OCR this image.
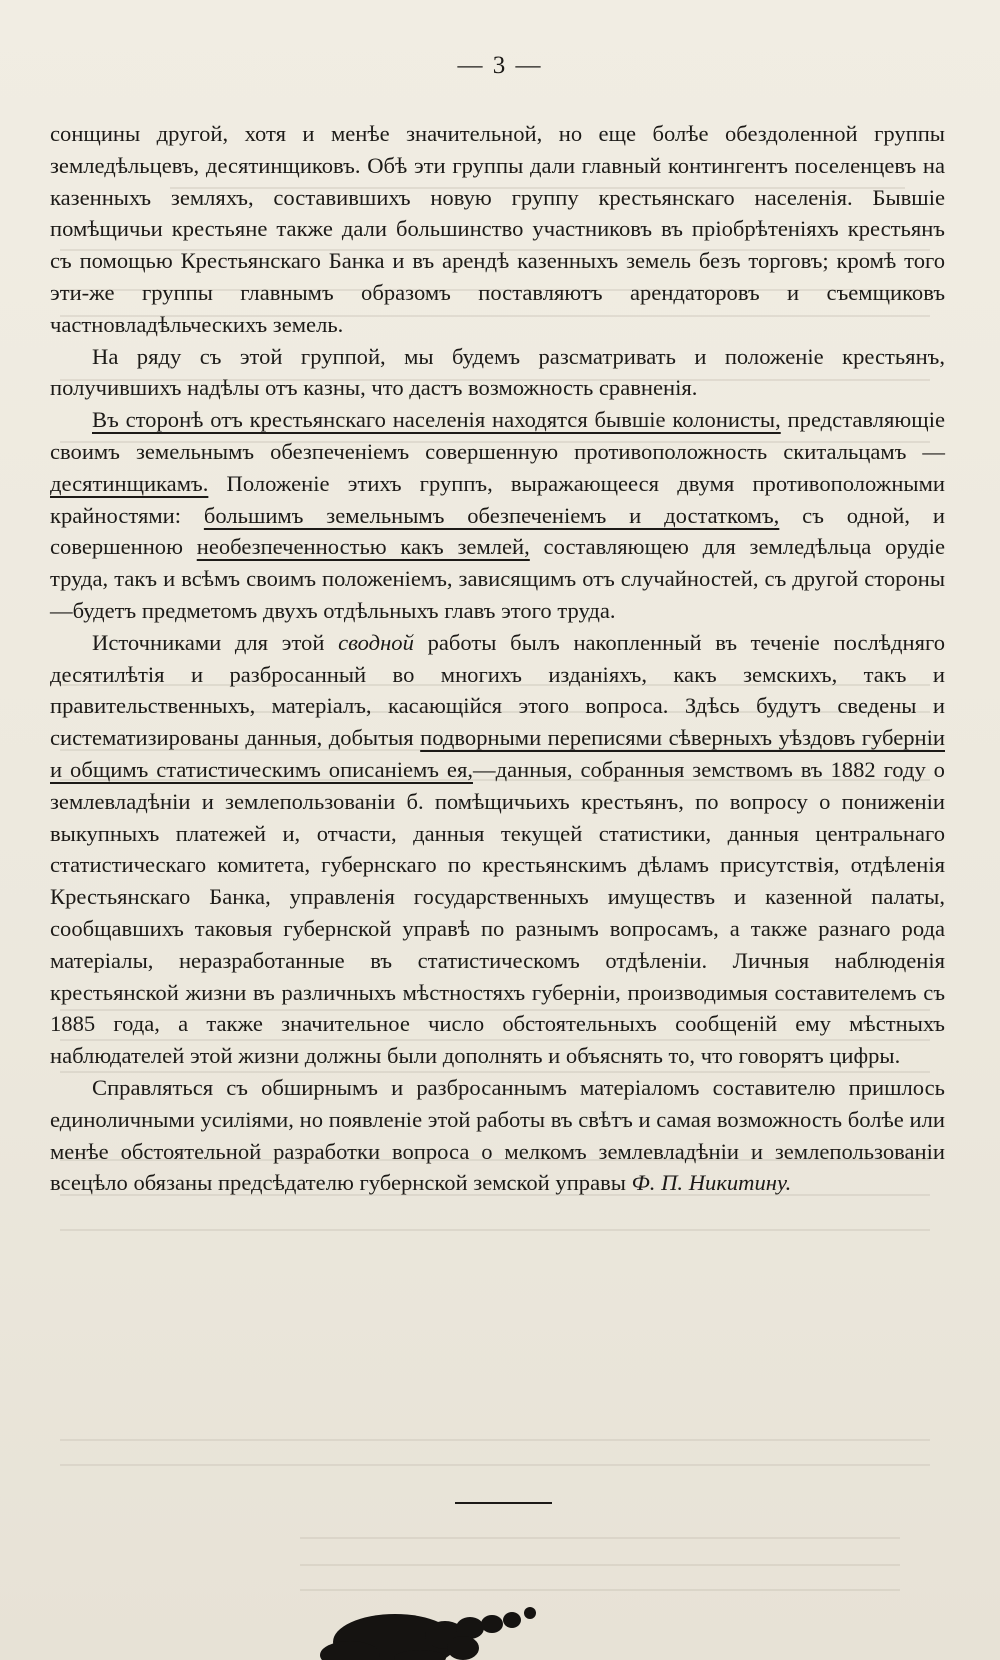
— 3 —

сонщины другой, хотя и менѣе значительной, но еще болѣе обездоленной группы земледѣльцевъ, десятинщиковъ. Обѣ эти группы дали главный контингентъ поселенцевъ на казенныхъ земляхъ, составившихъ новую группу крестьянскаго населенія. Бывшіе помѣщичьи крестьяне также дали большинство участниковъ въ пріобрѣтеніяхъ крестьянъ съ помощью Крестьянскаго Банка и въ арендѣ казенныхъ земель безъ торговъ; кромѣ того эти-же группы главнымъ образомъ поставляютъ арендаторовъ и съемщиковъ частновладѣльческихъ земель.

На ряду съ этой группой, мы будемъ разсматривать и положеніе крестьянъ, получившихъ надѣлы отъ казны, что дастъ возможность сравненія.

Въ сторонѣ отъ крестьянскаго населенія находятся бывшіе колонисты, представляющіе своимъ земельнымъ обезпеченіемъ совершенную противоположность скитальцамъ —десятинщикамъ. Положеніе этихъ группъ, выражающееся двумя противоположными крайностями: большимъ земельнымъ обезпеченіемъ и достаткомъ, съ одной, и совершенною необезпеченностью какъ землей, составляющею для земледѣльца орудіе труда, такъ и всѣмъ своимъ положеніемъ, зависящимъ отъ случайностей, съ другой стороны—будетъ предметомъ двухъ отдѣльныхъ главъ этого труда.

Источниками для этой сводной работы былъ накопленный въ теченіе послѣдняго десятилѣтія и разбросанный во многихъ изданіяхъ, какъ земскихъ, такъ и правительственныхъ, матеріалъ, касающійся этого вопроса. Здѣсь будутъ сведены и систематизированы данныя, добытыя подворными переписями сѣверныхъ уѣздовъ губерніи и общимъ статистическимъ описаніемъ ея,—данныя, собранныя земствомъ въ 1882 году о землевладѣніи и землепользованіи б. помѣщичьихъ крестьянъ, по вопросу о пониженіи выкупныхъ платежей и, отчасти, данныя текущей статистики, данныя центральнаго статистическаго комитета, губернскаго по крестьянскимъ дѣламъ присутствія, отдѣленія Крестьянскаго Банка, управленія государственныхъ имуществъ и казенной палаты, сообщавшихъ таковыя губернской управѣ по разнымъ вопросамъ, а также разнаго рода матеріалы, неразработанные въ статистическомъ отдѣленіи. Личныя наблюденія крестьянской жизни въ различныхъ мѣстностяхъ губерніи, производимыя составителемъ съ 1885 года, а также значительное число обстоятельныхъ сообщеній ему мѣстныхъ наблюдателей этой жизни должны были дополнять и объяснять то, что говорятъ цифры.

Справляться съ обширнымъ и разбросаннымъ матеріаломъ составителю пришлось единоличными усиліями, но появленіе этой работы въ свѣтъ и самая возможность болѣе или менѣе обстоятельной разработки вопроса о мелкомъ землевладѣніи и землепользованіи всецѣло обязаны предсѣдателю губернской земской управы Ф. П. Никитину.
